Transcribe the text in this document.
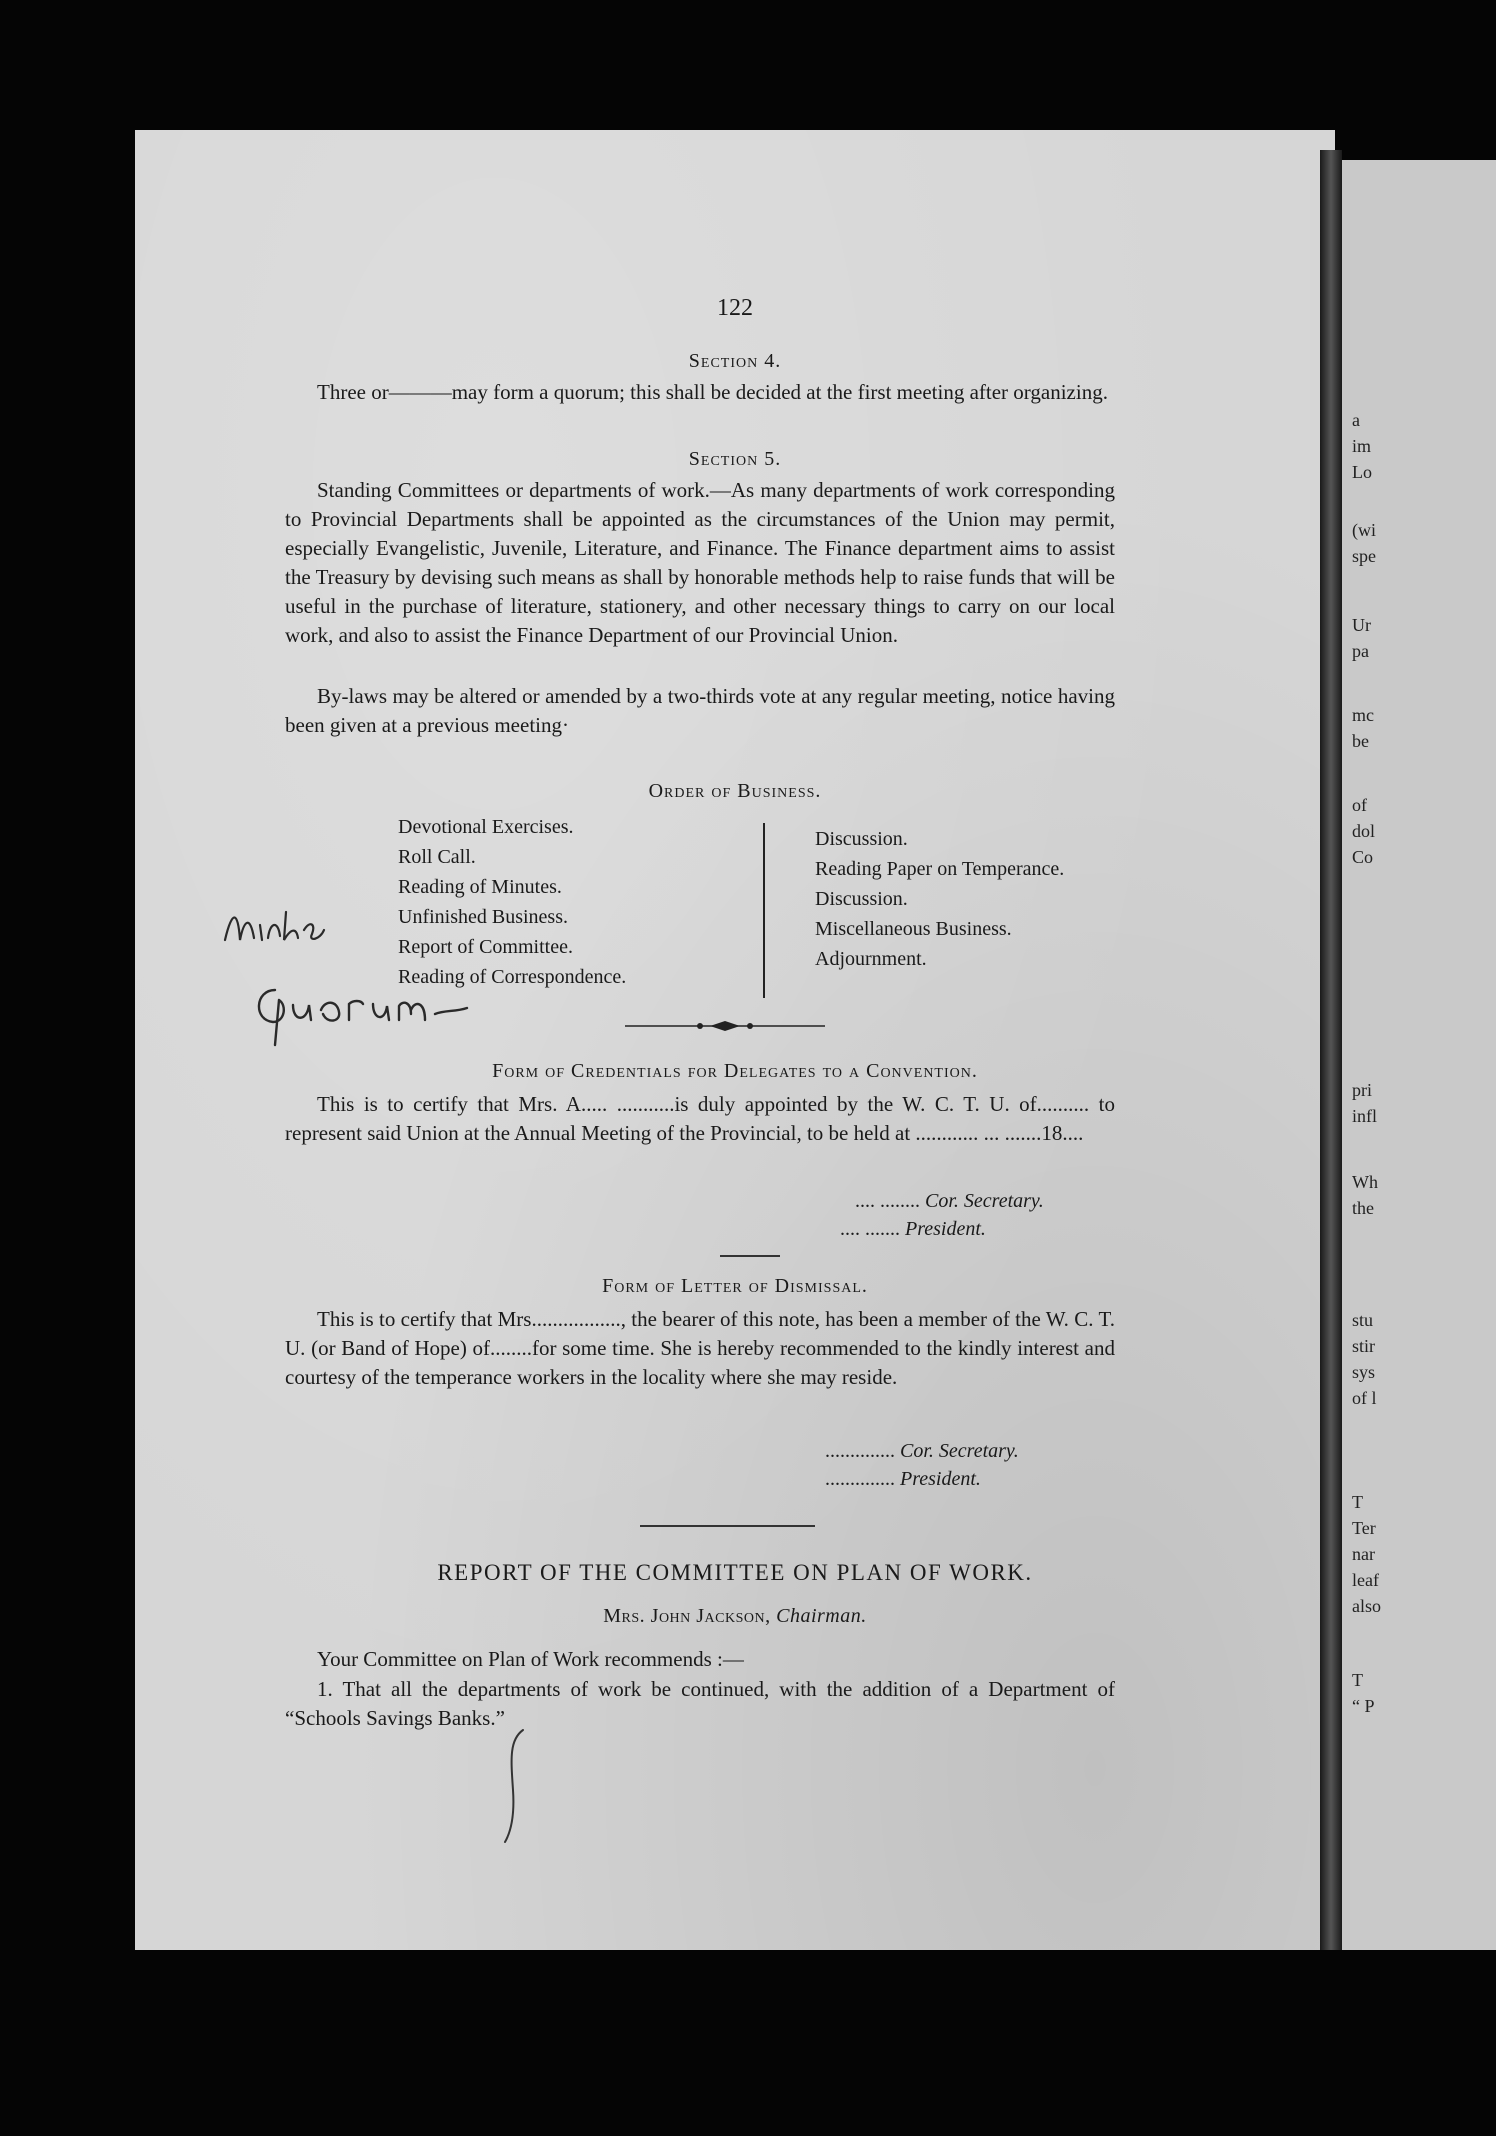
122
Section 4.
Three or———may form a quorum; this shall be decided at the first meeting after organizing.
Section 5.
Standing Committees or departments of work.—As many departments of work corresponding to Provincial Departments shall be appointed as the circumstances of the Union may permit, especially Evangelistic, Juvenile, Literature, and Finance. The Finance department aims to assist the Treasury by devising such means as shall by honorable methods help to raise funds that will be useful in the purchase of literature, stationery, and other necessary things to carry on our local work, and also to assist the Finance Department of our Provincial Union.
By-laws may be altered or amended by a two-thirds vote at any regular meeting, notice having been given at a previous meeting·
Order of Business.
Devotional Exercises.
Roll Call.
Reading of Minutes.
Unfinished Business.
Report of Committee.
Reading of Correspondence.
Discussion.
Reading Paper on Temperance.
Discussion.
Miscellaneous Business.
Adjournment.
Form of Credentials for Delegates to a Convention.
This is to certify that Mrs. A..... ...........is duly appointed by the W. C. T. U. of.......... to represent said Union at the Annual Meeting of the Provincial, to be held at ............ ... .......18....
.... ........ Cor. Secretary.
.... ....... President.
Form of Letter of Dismissal.
This is to certify that Mrs................., the bearer of this note, has been a member of the W. C. T. U. (or Band of Hope) of........for some time. She is hereby recommended to the kindly interest and courtesy of the temperance workers in the locality where she may reside.
.............. Cor. Secretary.
.............. President.
REPORT OF THE COMMITTEE ON PLAN OF WORK.
Mrs. John Jackson, Chairman.
Your Committee on Plan of Work recommends :—
1. That all the departments of work be continued, with the addition of a Department of “Schools Savings Banks.”
a
im
Lo
(wi
spe
Ur
pa
mc
be
of
dol
Co
pri
infl
Wh
the
stu
stir
sys
of l
T
Ter
nar
leaf
also
T
“ P
